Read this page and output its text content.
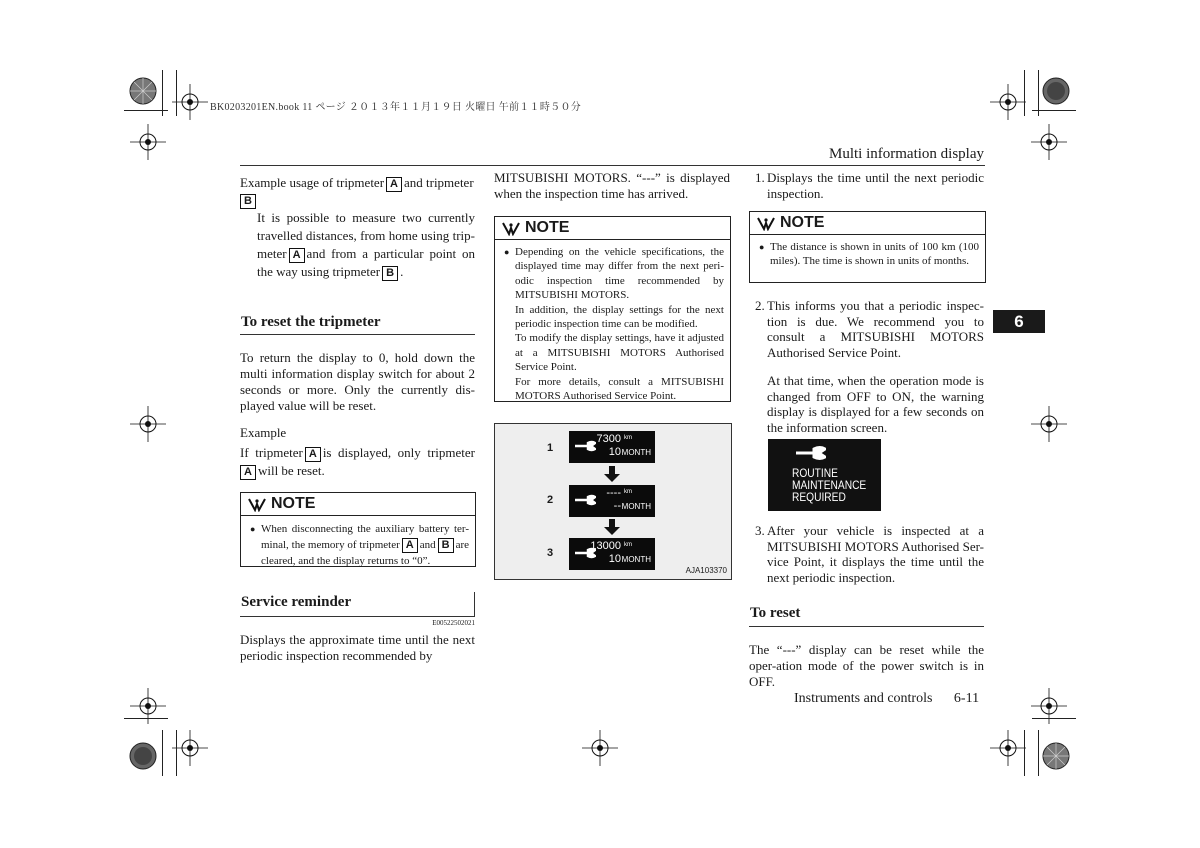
BK0203201EN.book 11 ページ ２０１３年１１月１９日 火曜日 午前１１時５０分
Multi information display
Example usage of tripmeter A and tripmeter
B
It is possible to measure two currently travelled distances, from home using trip-meter A and from a particular point on the way using tripmeter B .
To reset the tripmeter
To return the display to 0, hold down the multi information display switch for about 2 seconds or more. Only the currently dis-played value will be reset.
Example
If tripmeter A is displayed, only tripmeterA will be reset.
NOTE
● When disconnecting the auxiliary battery ter-minal, the memory of tripmeter A and B are cleared, and the display returns to “0”.
Service reminder
E00522502021
Displays the approximate time until the next periodic inspection recommended by
MITSUBISHI MOTORS. “---” is displayed when the inspection time has arrived.
NOTE
● Depending on the vehicle specifications, the displayed time may differ from the next peri-odic inspection time recommended by MITSUBISHI MOTORS.
In addition, the display settings for the next periodic inspection time can be modified.
To modify the display settings, have it adjusted at a MITSUBISHI MOTORS Authorised Service Point.
For more details, consult a MITSUBISHI MOTORS Authorised Service Point.
1
7300 km
10 MONTH
2
---- km
-- MONTH
3
13000 km
10 MONTH
AJA103370
1. Displays the time until the next periodic inspection.
NOTE
● The distance is shown in units of 100 km (100 miles). The time is shown in units of months.
2. This informs you that a periodic inspec-tion is due. We recommend you to consult a MITSUBISHI MOTORS Authorised Service Point.
At that time, when the operation mode is changed from OFF to ON, the warning display is displayed for a few seconds on the information screen.
ROUTINE
MAINTENANCE
REQUIRED
3. After your vehicle is inspected at a MITSUBISHI MOTORS Authorised Ser-vice Point, it displays the time until the next periodic inspection.
To reset
The “---” display can be reset while the oper-ation mode of the power switch is in OFF.
6
Instruments and controls 6-11
